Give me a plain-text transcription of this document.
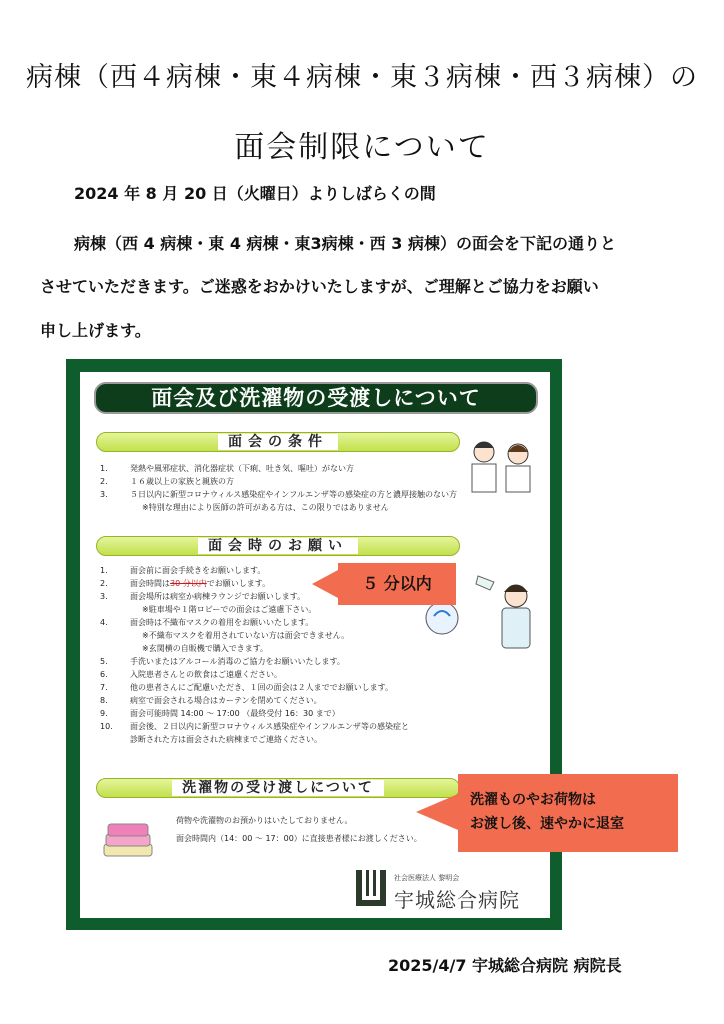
病棟（西４病棟・東４病棟・東３病棟・西３病棟）の
面会制限について
2024 年 8 月 20 日（火曜日）よりしばらくの間
病棟（西 4 病棟・東 4 病棟・東3病棟・西 3 病棟）の面会を下記の通りと
させていただきます。ご迷惑をおかけいたしますが、ご理解とご協力をお願い
申し上げます。
面会及び洗濯物の受渡しについて
面会の条件
1.	発熱や風邪症状、消化器症状（下痢、吐き気、嘔吐）がない方
2.	１６歳以上の家族と親族の方
3.	５日以内に新型コロナウィルス感染症やインフルエンザ等の感染症の方と濃厚接触のない方
※特別な理由により医師の許可がある方は、この限りではありません
面会時のお願い
1.	面会前に面会手続きをお願いします。
2.	面会時間は 30 分以内 でお願いします。
3.	面会場所は病室か病棟ラウンジでお願いします。
※駐車場や１階ロビーでの面会はご遠慮下さい。
4.	面会時は不織布マスクの着用をお願いいたします。
※不織布マスクを着用されていない方は面会できません。
※玄関横の自販機で購入できます。
5.	手洗いまたはアルコール消毒のご協力をお願いいたします。
6.	入院患者さんとの飲食はご遠慮ください。
7.	他の患者さんにご配慮いただき、１回の面会は２人まででお願いします。
8.	病室で面会される場合はカーテンを閉めてください。
9.	面会可能時間 14:00 〜 17:00 （最終受付 16：30 まで）
10.	面会後、２日以内に新型コロナウィルス感染症やインフルエンザ等の感染症と
診断された方は面会された病棟までご連絡ください。
５ 分以内
洗濯物の受け渡しについて
荷物や洗濯物のお預かりはいたしておりません。
面会時間内（14：00 〜 17：00）に直接患者様にお渡しください。
洗濯ものやお荷物は
お渡し後、速やかに退室
社会医療法人 黎明会
宇城総合病院
2025/4/7 宇城総合病院 病院長
